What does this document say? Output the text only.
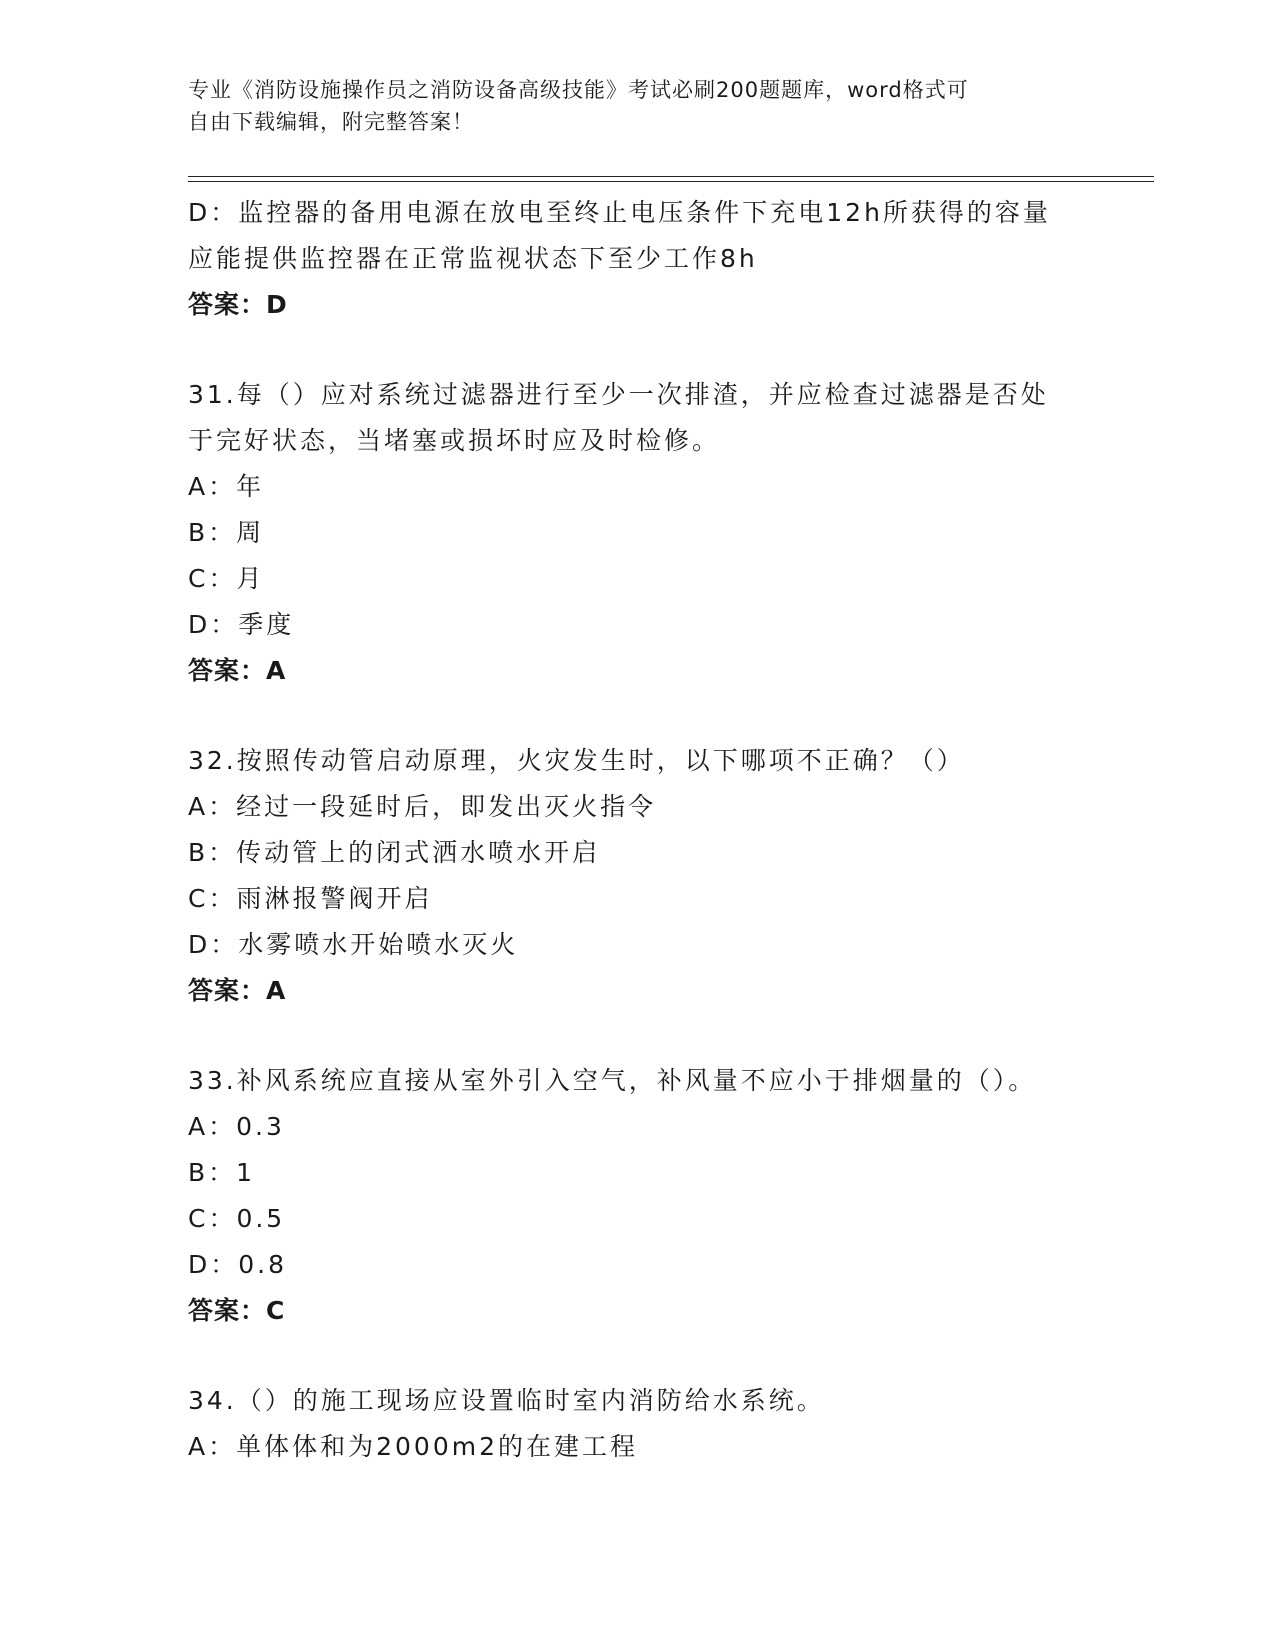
专业《消防设施操作员之消防设备高级技能》考试必刷200题题库，word格式可
自由下载编辑，附完整答案！
D：监控器的备用电源在放电至终止电压条件下充电12h所获得的容量
应能提供监控器在正常监视状态下至少工作8h
答案：D
31.每（）应对系统过滤器进行至少一次排渣，并应检查过滤器是否处
于完好状态，当堵塞或损坏时应及时检修。
A：年
B：周
C：月
D：季度
答案：A
32.按照传动管启动原理，火灾发生时，以下哪项不正确？（）
A：经过一段延时后，即发出灭火指令
B：传动管上的闭式洒水喷水开启
C：雨淋报警阀开启
D：水雾喷水开始喷水灭火
答案：A
33.补风系统应直接从室外引入空气，补风量不应小于排烟量的（）。
A：0.3
B：1
C：0.5
D：0.8
答案：C
34.（）的施工现场应设置临时室内消防给水系统。
A：单体体和为2000m2的在建工程
